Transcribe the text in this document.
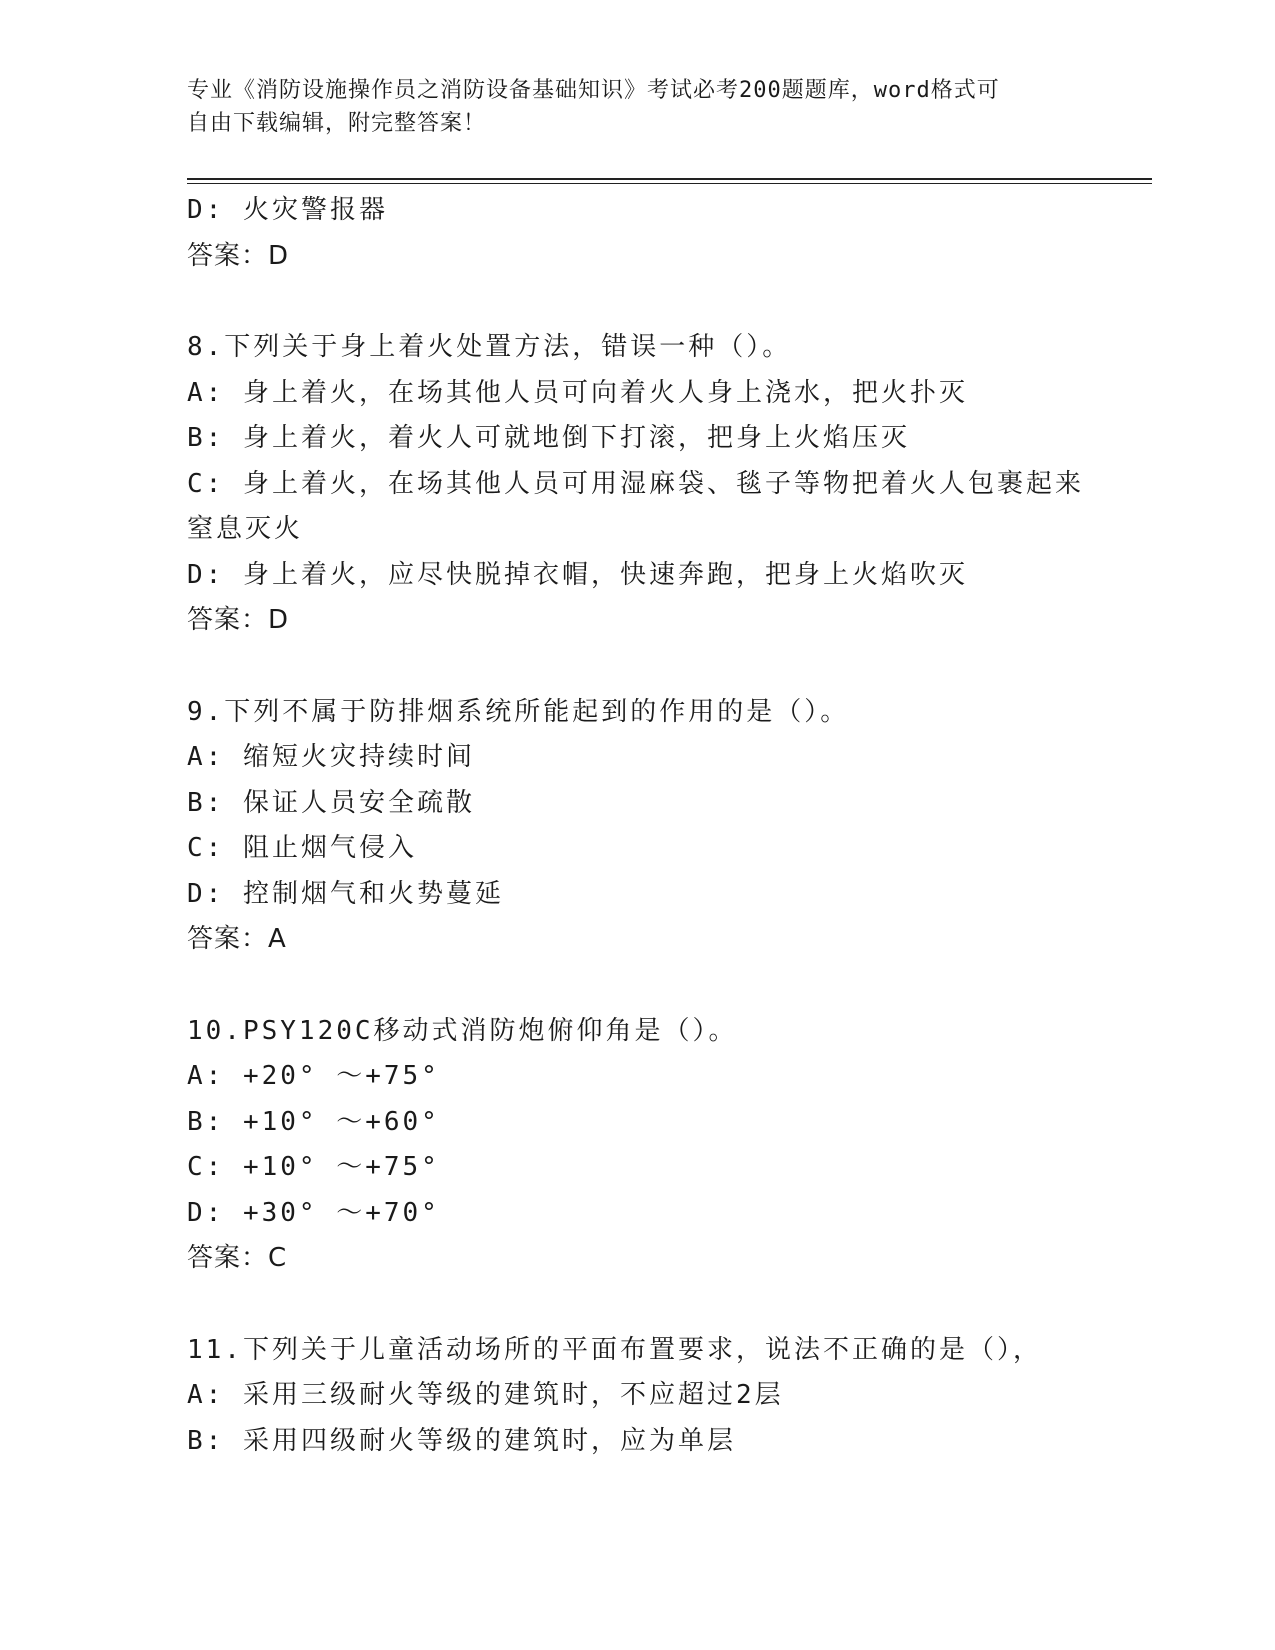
专业《消防设施操作员之消防设备基础知识》考试必考200题题库，word格式可
自由下载编辑，附完整答案！
D: 火灾警报器
答案：D
8.下列关于身上着火处置方法，错误一种（）。
A: 身上着火，在场其他人员可向着火人身上浇水，把火扑灭
B: 身上着火，着火人可就地倒下打滚，把身上火焰压灭
C: 身上着火，在场其他人员可用湿麻袋、毯子等物把着火人包裹起来
窒息灭火
D: 身上着火，应尽快脱掉衣帽，快速奔跑，把身上火焰吹灭
答案：D
9.下列不属于防排烟系统所能起到的作用的是（）。
A: 缩短火灾持续时间
B: 保证人员安全疏散
C: 阻止烟气侵入
D: 控制烟气和火势蔓延
答案：A
10.PSY120C移动式消防炮俯仰角是（）。
A: +20° ～+75°
B: +10° ～+60°
C: +10° ～+75°
D: +30° ～+70°
答案：C
11.下列关于儿童活动场所的平面布置要求，说法不正确的是（），
A: 采用三级耐火等级的建筑时，不应超过2层
B: 采用四级耐火等级的建筑时，应为单层
